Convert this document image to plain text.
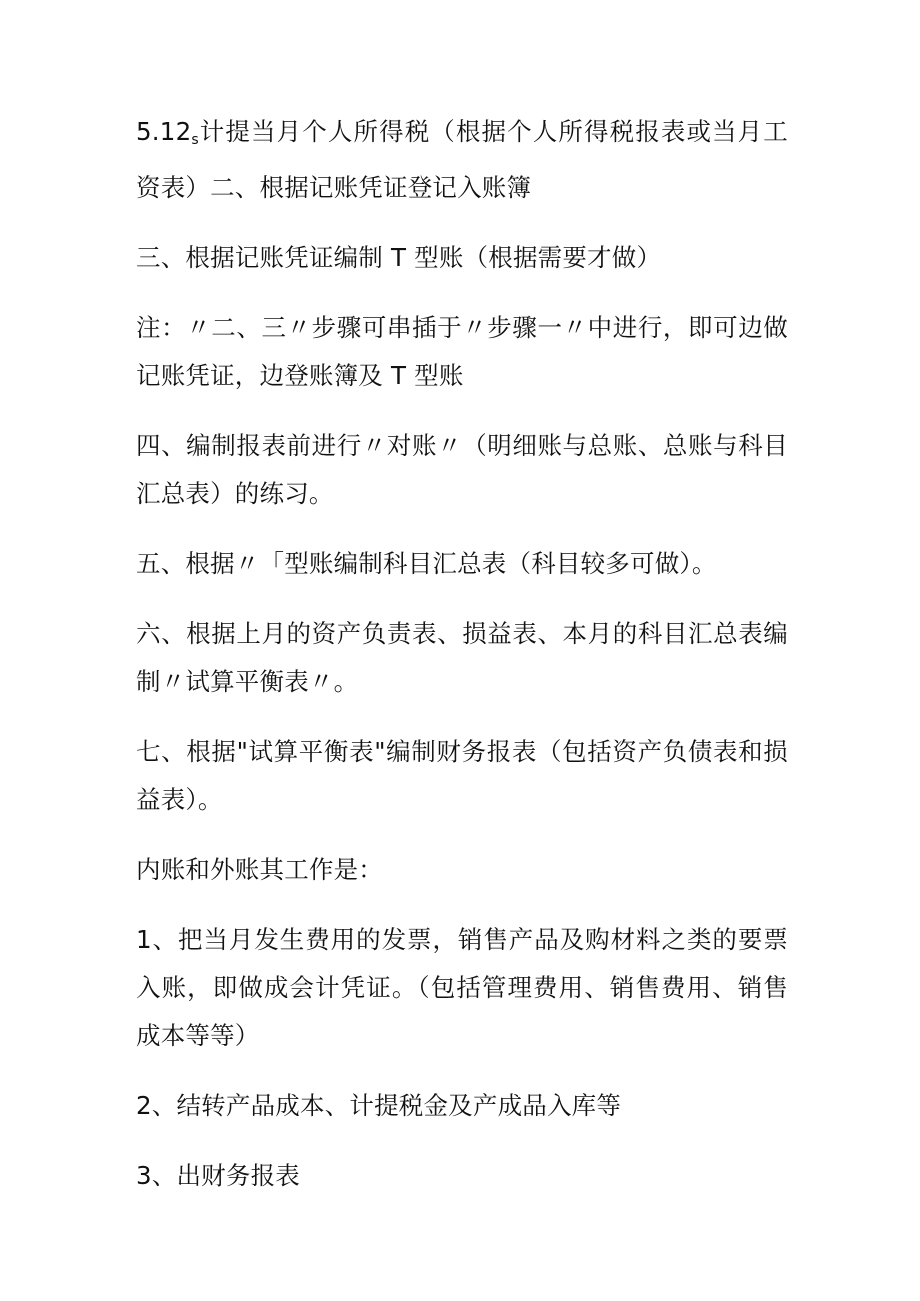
$5.12_s$计提当月个人所得税（根据个人所得税报表或当月工资表）二、根据记账凭证登记入账簿

三、根据记账凭证编制 T 型账（根据需要才做）

注：〃二、三〃步骤可串插于〃步骤一〃中进行，即可边做记账凭证，边登账簿及 T 型账

四、编制报表前进行〃对账〃（明细账与总账、总账与科目汇总表）的练习。

五、根据〃「型账编制科目汇总表（科目较多可做）。

六、根据上月的资产负责表、损益表、本月的科目汇总表编制〃试算平衡表〃。

七、根据"试算平衡表"编制财务报表（包括资产负债表和损益表）。

内账和外账其工作是：

1、把当月发生费用的发票，销售产品及购材料之类的要票入账，即做成会计凭证。（包括管理费用、销售费用、销售成本等等）

2、结转产品成本、计提税金及产成品入库等

3、出财务报表
